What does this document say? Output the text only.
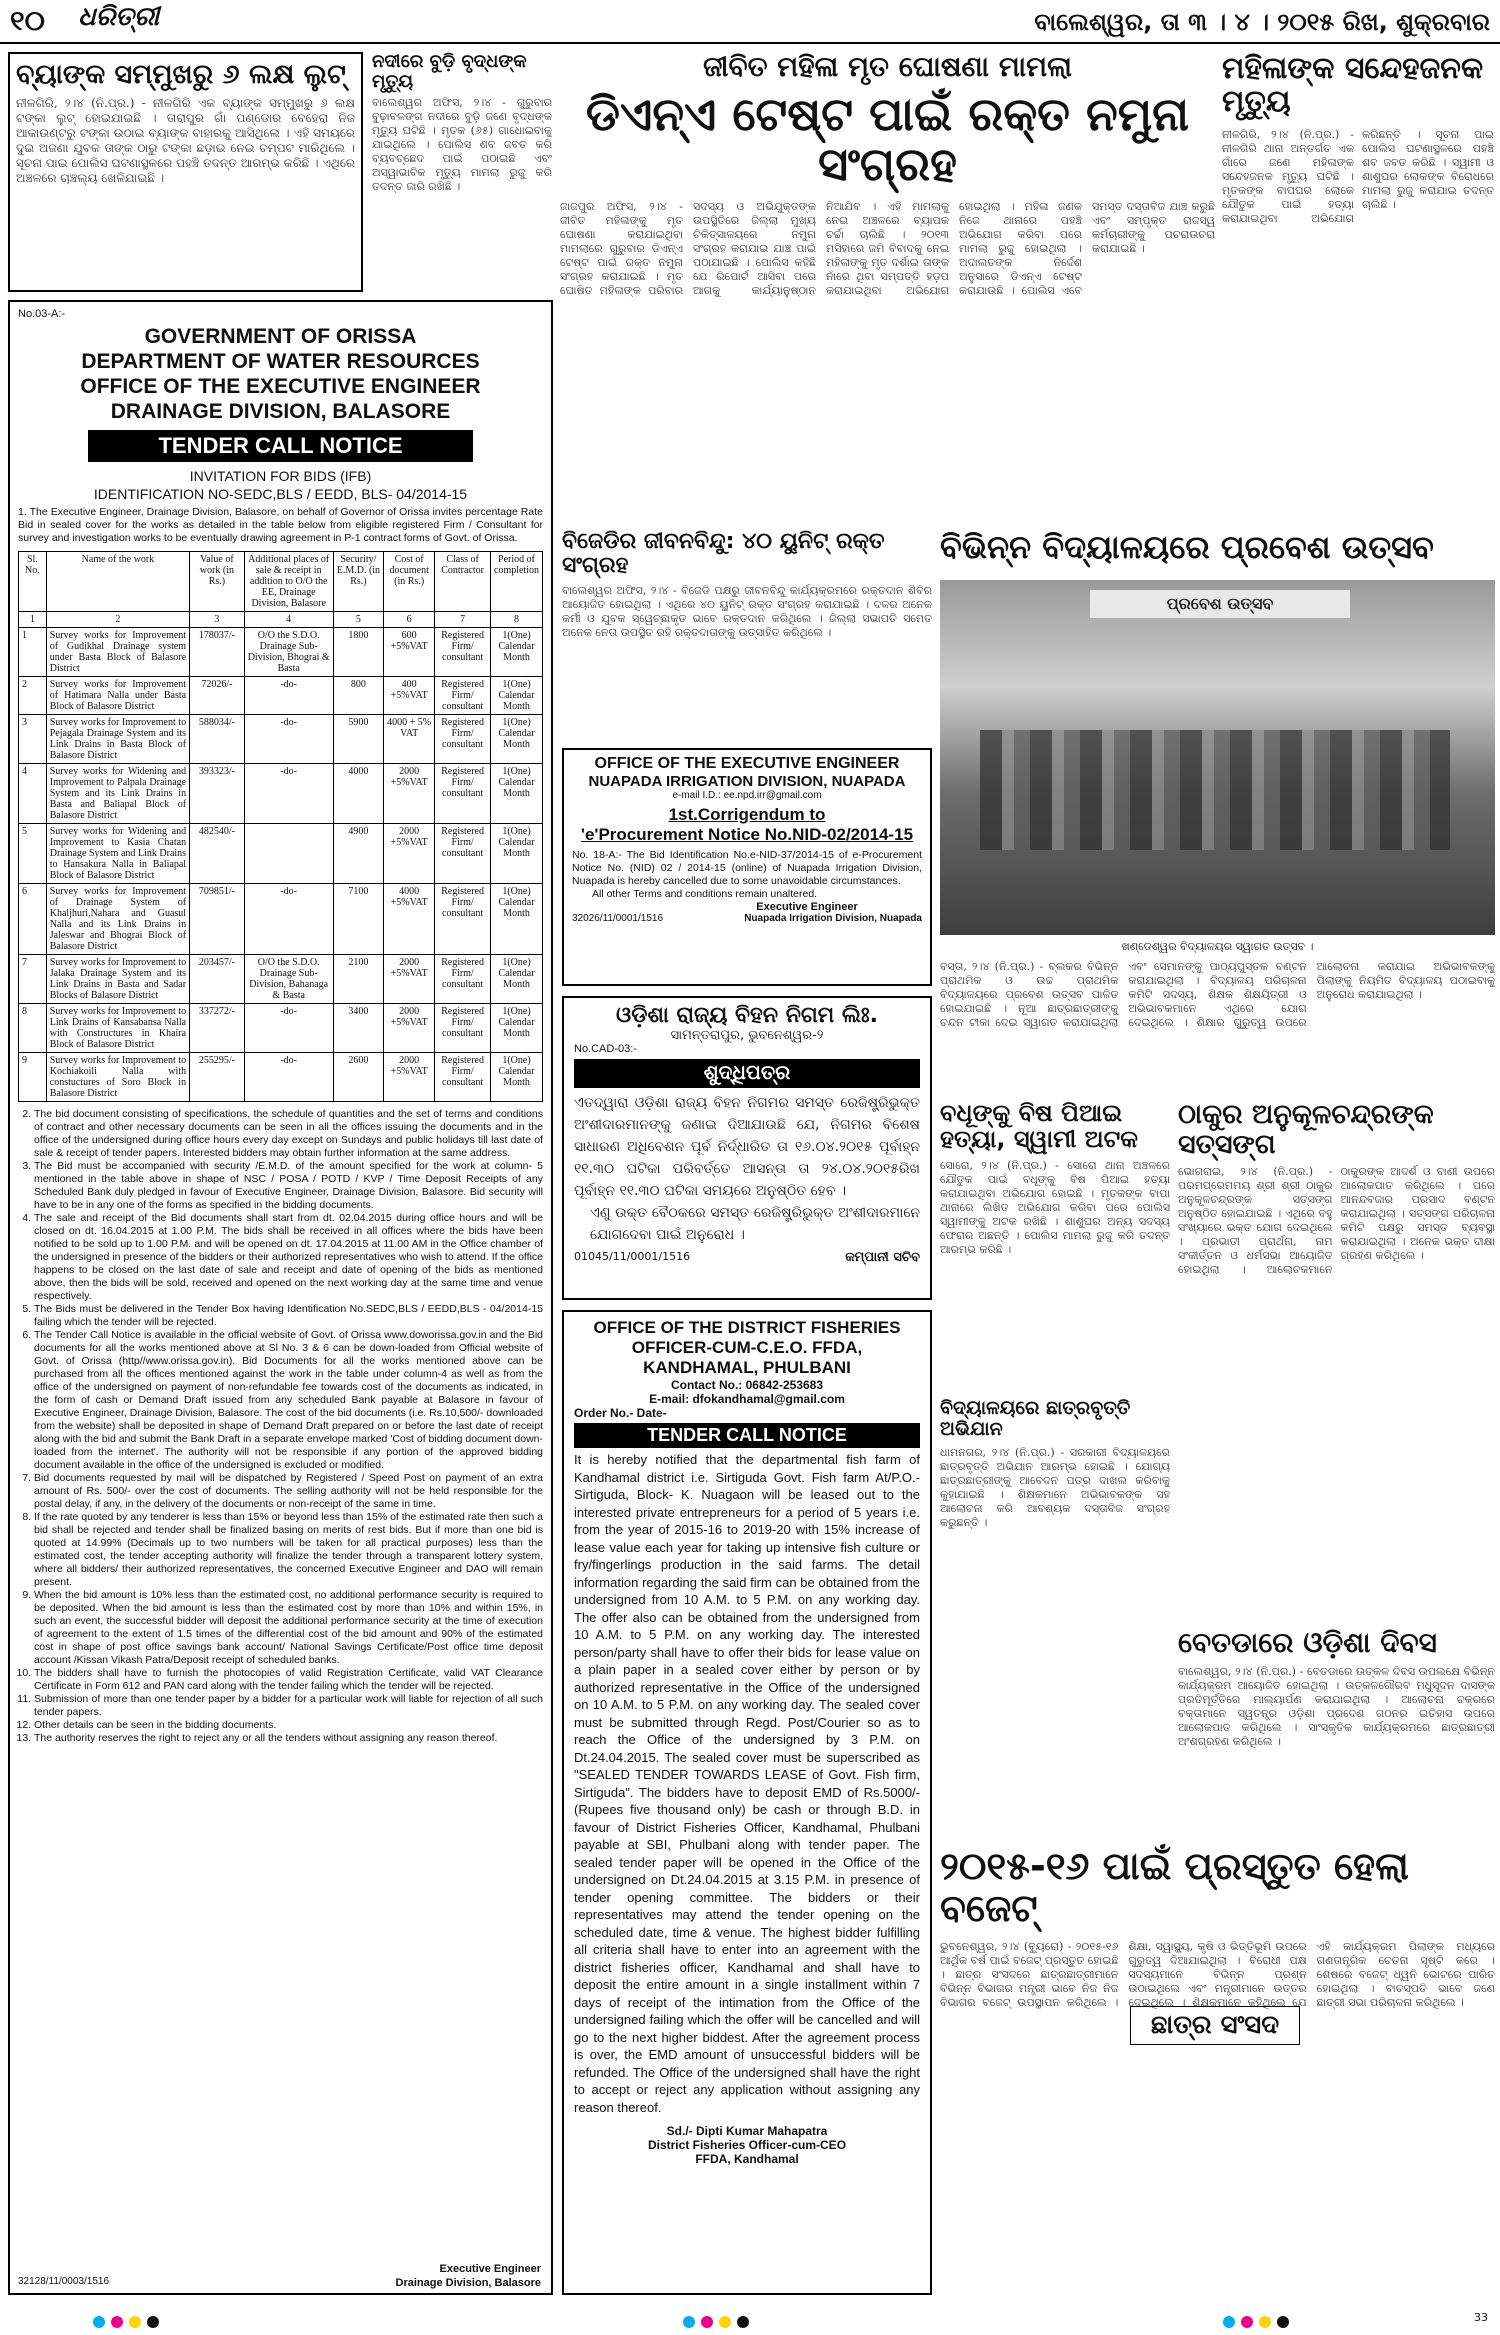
୧୦ ଧରିତ୍ରୀ	ବାଲେଶ୍ୱର, ତା ୩ । ୪ । ୨୦୧୫ ରିଖ, ଶୁକ୍ରବାର
ବ୍ୟାଙ୍କ ସମ୍ମୁଖରୁ ୬ ଲକ୍ଷ ଲୁଟ୍
ନୀଳଗିରି, ୨।୪ (ନି.ପ୍ର.) - ନୀଳଗିରି ଏକ ବ୍ୟାଙ୍କ ସମ୍ମୁଖରୁ ୬ ଲକ୍ଷ ଟଙ୍କା ଲୁଟ୍ ହୋଇଯାଇଛି । ତାରାପୁର ଗାଁ ପଣ୍ଡୋର ବେହେରା ନିଜ ଆକାଉଣ୍ଟରୁ ଟଙ୍କା ଉଠାଇ ବ୍ୟାଙ୍କ ବାହାରକୁ ଆସିଥିଲେ । ଏହି ସମୟରେ ଦୁଇ ଅଜଣା ଯୁବକ ତାଙ୍କ ଠାରୁ ଟଙ୍କା ଛଡ଼ାଇ ନେଇ ଚମ୍ପଟ ମାରିଥିଲେ । ସୂଚନା ପାଇ ପୋଲିସ ଘଟଣାସ୍ଥଳରେ ପହଞ୍ଚି ତଦନ୍ତ ଆରମ୍ଭ କରିଛି । ଏଥିରେ ଅଞ୍ଚଳରେ ଚାଞ୍ଚଲ୍ୟ ଖେଳିଯାଇଛି ।
ନଦୀରେ ବୁଡ଼ି ବୃଦ୍ଧଙ୍କ ମୃତ୍ୟୁ
ବାଲେଶ୍ୱର ଅଫିସ, ୨।୪ - ଗୁରୁବାର ବୁଢ଼ାବଳଙ୍ଗ ନଦୀରେ ବୁଡ଼ି ଜଣେ ବୃଦ୍ଧଙ୍କ ମୃତ୍ୟୁ ଘଟିଛି । ମୃତକ (୬୫) ଗାଧୋଇବାକୁ ଯାଇଥିଲେ । ପୋଲିସ ଶବ ଜବତ କରି ବ୍ୟବଚ୍ଛେଦ ପାଇଁ ପଠାଇଛି ଏବଂ ଅସ୍ୱାଭାବିକ ମୃତ୍ୟୁ ମାମଲା ରୁଜୁ କରି ତଦନ୍ତ ଜାରି ରଖିଛି ।
ଜୀବିତ ମହିଳା ମୃତ ଘୋଷଣା ମାମଲା
ଡିଏନ୍ଏ ଟେଷ୍ଟ ପାଇଁ ରକ୍ତ ନମୁନା ସଂଗ୍ରହ
ଜାଜପୁର ଅଫିସ, ୨।୪ - ଜୀବିତ ମହିଳାଙ୍କୁ ମୃତ ଘୋଷଣା କରାଯାଇଥିବା ମାମଲାରେ ଗୁରୁବାର ଡିଏନ୍ଏ ଟେଷ୍ଟ ପାଇଁ ରକ୍ତ ନମୁନା ସଂଗ୍ରହ କରାଯାଇଛି । ମୃତ ଘୋଷିତ ମହିଳାଙ୍କ ପରିବାର ସଦସ୍ୟ ଓ ଅଭିଯୁକ୍ତଙ୍କ ଉପସ୍ଥିତିରେ ଜିଲ୍ଲା ମୁଖ୍ୟ ଚିକିତ୍ସାଳୟରେ ନମୁନା ସଂଗ୍ରହ କରାଯାଇ ଯାଞ୍ଚ ପାଇଁ ପଠାଯାଇଛି । ପୋଲିସ କହିଛି ଯେ ରିପୋର୍ଟ ଆସିବା ପରେ ଆଗକୁ କାର୍ଯ୍ୟାନୁଷ୍ଠାନ ନିଆଯିବ । ଏହି ମାମଲାକୁ ନେଇ ଅଞ୍ଚଳରେ ବ୍ୟାପକ ଚର୍ଚ୍ଚା ଚାଲିଛି । ୨୦୧୩ ମସିହାରେ ଜମି ବିବାଦକୁ ନେଇ ମହିଳାଙ୍କୁ ମୃତ ଦର୍ଶାଇ ତାଙ୍କ ନାଁରେ ଥିବା ସମ୍ପତ୍ତି ହଡ଼ପ କରାଯାଇଥିବା ଅଭିଯୋଗ ହୋଇଥିଲା । ମହିଳା ଜଣକ ନିଜେ ଥାନାରେ ପହଞ୍ଚି ଅଭିଯୋଗ କରିବା ପରେ ମାମଲା ରୁଜୁ ହୋଇଥିଲା । ଅଦାଲତଙ୍କ ନିର୍ଦ୍ଦେଶ ଅନୁସାରେ ଡିଏନ୍ଏ ଟେଷ୍ଟ କରାଯାଉଛି । ପୋଲିସ ଏବେ ସମସ୍ତ ଦସ୍ତାବିଜ ଯାଞ୍ଚ କରୁଛି ଏବଂ ସମ୍ପୃକ୍ତ ରାଜସ୍ୱ କର୍ମଚାରୀଙ୍କୁ ପଚରାଉଚରା କରାଯାଇଛି ।
ମହିଳାଙ୍କ ସନ୍ଦେହଜନକ ମୃତ୍ୟୁ
ନୀଳଗିରି, ୨।୪ (ନି.ପ୍ର.) - ନୀଳଗିରି ଥାନା ଅନ୍ତର୍ଗତ ଏକ ଗାଁରେ ଜଣେ ମହିଳାଙ୍କ ସନ୍ଦେହଜନକ ମୃତ୍ୟୁ ଘଟିଛି । ମୃତକଙ୍କ ବାପଘର ଲୋକେ ଯୌତୁକ ପାଇଁ ହତ୍ୟା କରାଯାଇଥିବା ଅଭିଯୋଗ କରିଛନ୍ତି । ସୂଚନା ପାଇ ପୋଲିସ ଘଟଣାସ୍ଥଳରେ ପହଞ୍ଚି ଶବ ଜବତ କରିଛି । ସ୍ୱାମୀ ଓ ଶାଶୁଘର ଲୋକଙ୍କ ବିରୋଧରେ ମାମଲା ରୁଜୁ କରାଯାଇ ତଦନ୍ତ ଚାଲିଛି ।
No.03-A:-
GOVERNMENT OF ORISSA
DEPARTMENT OF WATER RESOURCES
OFFICE OF THE EXECUTIVE ENGINEER
DRAINAGE DIVISION, BALASORE
TENDER CALL NOTICE
INVITATION FOR BIDS (IFB)
IDENTIFICATION NO-SEDC,BLS / EEDD, BLS- 04/2014-15
1. The Executive Engineer, Drainage Division, Balasore, on behalf of Governor of Orissa invites percentage Rate Bid in sealed cover for the works as detailed in the table below from eligible registered Firm / Consultant for survey and investigation works to be eventually drawing agreement in P-1 contract forms of Govt. of Orissa.
Sl. No.	Name of the work	Value of work (in Rs.)	Additional places of sale & receipt in addition to O/O the EE, Drainage Division, Balasore	Security/ E.M.D. (in Rs.)	Cost of document (in Rs.)	Class of Contractor	Period of completion
1	2	3	4	5	6	7	8
1	Survey works for Improvement of Gudikhal Drainage system under Basta Block of Balasore District	178037/-	O/O the S.D.O. Drainage Sub- Division, Bhograi & Basta	1800	600 +5%VAT	Registered Firm/ consultant	1(One) Calendar Month
2	Survey works for Improvement of Hatimara Nalla under Basta Block of Balasore District	72026/-	-do-	800	400 +5%VAT	Registered Firm/ consultant	1(One) Calendar Month
3	Survey works for Improvement to Pejagala Drainage System and its Link Drains in Basta Block of Balasore District	588034/-	-do-	5900	4000 + 5% VAT	Registered Firm/ consultant	1(One) Calendar Month
4	Survey works for Widening and Improvement to Palpala Drainage System and its Link Drains in Basta and Baliapal Block of Balasore District	393323/-	-do-	4000	2000 +5%VAT	Registered Firm/ consultant	1(One) Calendar Month
5	Survey works for Widening and Improvement to Kasia Chatan Drainage System and Link Drains to Hansakura Nalla in Baliapal Block of Balasore District	482540/-		4900	2000 +5%VAT	Registered Firm/ consultant	1(One) Calendar Month
6	Survey works for Improvement of Drainage System of Khaljhuri,Nahara and Guasul Nalla and its Link Drains in Jaleswar and Bhograi Block of Balasore District	709851/-	-do-	7100	4000 +5%VAT	Registered Firm/ consultant	1(One) Calendar Month
7	Survey works for Improvement to Jalaka Drainage System and its Link Drains in Basta and Sadar Blocks of Balasore District	203457/-	O/O the S.D.O. Drainage Sub- Division, Bahanaga & Basta	2100	2000 +5%VAT	Registered Firm/ consultant	1(One) Calendar Month
8	Survey works for Improvement to Link Drains of Kansabansa Nalla with Constructures in Khaira Block of Balasore District	337272/-	-do-	3400	2000 +5%VAT	Registered Firm/ consultant	1(One) Calendar Month
9	Survey works for Improvement to Kochiakoili Nalla with constuctures of Soro Block in Balasore District	255295/-	-do-	2600	2000 +5%VAT	Registered Firm/ consultant	1(One) Calendar Month
2. The bid document consisting of specifications, the schedule of quantities and the set of terms and conditions of contract and other necessary documents can be seen in all the offices issuing the documents and in the office of the undersigned during office hours every day except on Sundays and public holidays till last date of sale & receipt of tender papers. Interested bidders may obtain further information at the same address.
3. The Bid must be accompanied with security /E.M.D. of the amount specified for the work at column- 5 mentioned in the table above in shape of NSC / POSA / POTD / KVP / Time Deposit Receipts of any Scheduled Bank duly pledged in favour of Executive Engineer, Drainage Division, Balasore. Bid security will have to be in any one of the forms as specified in the bidding documents.
4. The sale and receipt of the Bid documents shall start from dt. 02.04.2015 during office hours and will be closed on dt. 16.04.2015 at 1.00 P.M. The bids shall be received in all offices where the bids have been notified to be sold up to 1.00 P.M. and will be opened on dt. 17.04.2015 at 11.00 AM in the Office chamber of the undersigned in presence of the bidders or their authorized representatives who wish to attend. If the office happens to be closed on the last date of sale and receipt and date of opening of the bids as mentioned above, then the bids will be sold, received and opened on the next working day at the same time and venue respectively.
5. The Bids must be delivered in the Tender Box having Identification No.SEDC,BLS / EEDD,BLS - 04/2014-15 failing which the tender will be rejected.
6. The Tender Call Notice is available in the official website of Govt. of Orissa www.doworissa.gov.in and the Bid documents for all the works mentioned above at Sl No. 3 & 6 can be down-loaded from Official website of Govt. of Orissa (http//www.orissa.gov.in). Bid Documents for all the works mentioned above can be purchased from all the offices mentioned against the work in the table under column-4 as well as from the office of the undersigned on payment of non-refundable fee towards cost of the documents as indicated, in the form of cash or Demand Draft issued from any scheduled Bank payable at Balasore in favour of Executive Engineer, Drainage Division, Balasore. The cost of the bid documents (i.e. Rs.10,500/- downloaded from the website) shall be deposited in shape of Demand Draft prepared on or before the last date of receipt along with the bid and submit the Bank Draft in a separate envelope marked 'Cost of bidding document down-loaded from the internet'. The authority will not be responsible if any portion of the approved bidding document available in the office of the undersigned is excluded or modified.
7. Bid documents requested by mail will be dispatched by Registered / Speed Post on payment of an extra amount of Rs. 500/- over the cost of documents. The selling authority will not be held responsible for the postal delay, if any, in the delivery of the documents or non-receipt of the same in time.
8. If the rate quoted by any tenderer is less than 15% or beyond less than 15% of the estimated rate then such a bid shall be rejected and tender shall be finalized basing on merits of rest bids. But if more than one bid is quoted at 14.99% (Decimals up to two numbers will be taken for all practical purposes) less than the estimated cost, the tender accepting authority will finalize the tender through a transparent lottery system, where all bidders/ their authorized representatives, the concerned Executive Engineer and DAO will remain present.
9. When the bid amount is 10% less than the estimated cost, no additional performance security is required to be deposited. When the bid amount is less than the estimated cost by more than 10% and within 15%, in such an event, the successful bidder will deposit the additional performance security at the time of execution of agreement to the extent of 1.5 times of the differential cost of the bid amount and 90% of the estimated cost in shape of post office savings bank account/ National Savings Certificate/Post office time deposit account /Kissan Vikash Patra/Deposit receipt of scheduled banks.
10. The bidders shall have to furnish the photocopies of valid Registration Certificate, valid VAT Clearance Certificate in Form 612 and PAN card along with the tender failing which the tender will be rejected.
11. Submission of more than one tender paper by a bidder for a particular work will liable for rejection of all such tender papers.
12. Other details can be seen in the bidding documents.
13. The authority reserves the right to reject any or all the tenders without assigning any reason thereof.
32128/11/0003/1516
Executive Engineer
Drainage Division, Balasore
ବିଜେଡିର ଜୀବନବିନ୍ଦୁ: ୪୦ ୟୁନିଟ୍ ରକ୍ତ ସଂଗ୍ରହ
ବାଲେଶ୍ୱର ଅଫିସ, ୨।୪ - ବିଜେଡି ପକ୍ଷରୁ ଜୀବନବିନ୍ଦୁ କାର୍ଯ୍ୟକ୍ରମରେ ରକ୍ତଦାନ ଶିବିର ଆୟୋଜିତ ହୋଇଥିଲା । ଏଥିରେ ୪୦ ୟୁନିଟ୍ ରକ୍ତ ସଂଗ୍ରହ କରାଯାଇଛି । ଦଳର ଅନେକ କର୍ମୀ ଓ ଯୁବକ ସ୍ୱେଚ୍ଛାକୃତ ଭାବେ ରକ୍ତଦାନ କରିଥିଲେ । ଜିଲ୍ଲା ସଭାପତି ସମେତ ଅନେକ ନେତା ଉପସ୍ଥିତ ରହି ରକ୍ତଦାତାଙ୍କୁ ଉତ୍ସାହିତ କରିଥିଲେ ।
OFFICE OF THE EXECUTIVE ENGINEER
NUAPADA IRRIGATION DIVISION, NUAPADA
e-mail I.D.: ee.npd.irr@gmail.com
1st.Corrigendum to
'e'Procurement Notice No.NID-02/2014-15
No. 18-A:- The Bid Identification No.e-NID-37/2014-15 of e-Procurement Notice No. (NID) 02 / 2014-15 (online) of Nuapada Irrigation Division, Nuapada is hereby cancelled due to some unavoidable circumstances.
All other Terms and conditions remain unaltered.
Executive Engineer
32026/11/0001/1516	Nuapada Irrigation Division, Nuapada
ଓଡ଼ିଶା ରାଜ୍ୟ ବିହନ ନିଗମ ଲିଃ.
ସାମନ୍ତରାପୁର, ଭୁବନେଶ୍ୱର-୨
No.CAD-03:-
ଶୁଦ୍ଧିପତ୍ର
ଏତଦ୍ୱାରା ଓଡ଼ିଶା ରାଜ୍ୟ ବିହନ ନିଗମର ସମସ୍ତ ରେଜିଷ୍ଟ୍ରିଭୁକ୍ତ ଅଂଶୀଦାରମାନଙ୍କୁ ଜଣାଇ ଦିଆଯାଉଛି ଯେ, ନିଗମର ବିଶେଷ ସାଧାରଣ ଅଧିବେଶନ ପୂର୍ବ ନିର୍ଦ୍ଧାରିତ ତା ୧୬.୦୪.୨୦୧୫ ପୂର୍ବାହ୍ନ ୧୧.୩୦ ଘଟିକା ପରିବର୍ତ୍ତେ ଆସନ୍ତା ତା ୨୪.୦୪.୨୦୧୫ରିଖ ପୂର୍ବାହ୍ନ ୧୧.୩୦ ଘଟିକା ସମୟରେ ଅନୁଷ୍ଠିତ ହେବ ।
ଏଣୁ ଉକ୍ତ ବୈଠକରେ ସମସ୍ତ ରେଜିଷ୍ଟ୍ରିଭୁକ୍ତ ଅଂଶୀଦାରମାନେ ଯୋଗଦେବା ପାଇଁ ଅନୁରୋଧ ।
01045/11/0001/1516	କମ୍ପାନୀ ସଚିବ
OFFICE OF THE DISTRICT FISHERIES OFFICER-CUM-C.E.O. FFDA, KANDHAMAL, PHULBANI
Contact No.: 06842-253683
E-mail: dfokandhamal@gmail.com
Order No.- Date-
TENDER CALL NOTICE
It is hereby notified that the departmental fish farm of Kandhamal district i.e. Sirtiguda Govt. Fish farm At/P.O.- Sirtiguda, Block- K. Nuagaon will be leased out to the interested private entrepreneurs for a period of 5 years i.e. from the year of 2015-16 to 2019-20 with 15% increase of lease value each year for taking up intensive fish culture or fry/fingerlings production in the said farms. The detail information regarding the said firm can be obtained from the undersigned from 10 A.M. to 5 P.M. on any working day. The offer also can be obtained from the undersigned from 10 A.M. to 5 P.M. on any working day. The interested person/party shall have to offer their bids for lease value on a plain paper in a sealed cover either by person or by authorized representative in the Office of the undersigned on 10 A.M. to 5 P.M. on any working day. The sealed cover must be submitted through Regd. Post/Courier so as to reach the Office of the undersigned by 3 P.M. on Dt.24.04.2015. The sealed cover must be superscribed as "SEALED TENDER TOWARDS LEASE of Govt. Fish firm, Sirtiguda". The bidders have to deposit EMD of Rs.5000/- (Rupees five thousand only) be cash or through B.D. in favour of District Fisheries Officer, Kandhamal, Phulbani payable at SBI, Phulbani along with tender paper. The sealed tender paper will be opened in the Office of the undersigned on Dt.24.04.2015 at 3.15 P.M. in presence of tender opening committee. The bidders or their representatives may attend the tender opening on the scheduled date, time & venue. The highest bidder fulfilling all criteria shall have to enter into an agreement with the district fisheries officer, Kandhamal and shall have to deposit the entire amount in a single installment within 7 days of receipt of the intimation from the Office of the undersigned failing which the offer will be cancelled and will go to the next higher biddest. After the agreement process is over, the EMD amount of unsuccessful bidders will be refunded. The Office of the undersigned shall have the right to accept or reject any application without assigning any reason thereof.
Sd./- Dipti Kumar Mahapatra
District Fisheries Officer-cum-CEO
FFDA, Kandhamal
ବିଭିନ୍ନ ବିଦ୍ୟାଳୟରେ ପ୍ରବେଶ ଉତ୍ସବ
ପ୍ରବେଶ ଉତ୍ସବ
ଖଣ୍ଡେଶ୍ୱର ବିଦ୍ୟାଳୟର ସ୍ୱାଗତ ଉତ୍ସବ ।
ବସ୍ତା, ୨।୪ (ନି.ପ୍ର.) - ବ୍ଲକର ବିଭିନ୍ନ ପ୍ରାଥମିକ ଓ ଉଚ୍ଚ ପ୍ରାଥମିକ ବିଦ୍ୟାଳୟରେ ପ୍ରବେଶ ଉତ୍ସବ ପାଳିତ ହୋଇଯାଇଛି । ନୂଆ ଛାତ୍ରଛାତ୍ରୀଙ୍କୁ ଚନ୍ଦନ ଟୀକା ଦେଇ ସ୍ୱାଗତ କରାଯାଇଥିଲା ଏବଂ ସେମାନଙ୍କୁ ପାଠ୍ୟପୁସ୍ତକ ବଣ୍ଟନ କରାଯାଇଥିଲା । ବିଦ୍ୟାଳୟ ପରିଚାଳନା କମିଟି ସଦସ୍ୟ, ଶିକ୍ଷକ ଶିକ୍ଷୟିତ୍ରୀ ଓ ଅଭିଭାବକମାନେ ଏଥିରେ ଯୋଗ ଦେଇଥିଲେ । ଶିକ୍ଷାର ଗୁରୁତ୍ୱ ଉପରେ ଆଲୋଚନା କରାଯାଇ ଅଭିଭାବକଙ୍କୁ ପିଲାଙ୍କୁ ନିୟମିତ ବିଦ୍ୟାଳୟ ପଠାଇବାକୁ ଅନୁରୋଧ କରାଯାଇଥିଲା ।
ବଧୂଙ୍କୁ ବିଷ ପିଆଇ ହତ୍ୟା, ସ୍ୱାମୀ ଅଟକ
ସୋରୋ, ୨।୪ (ନି.ପ୍ର.) - ସୋରୋ ଥାନା ଅଞ୍ଚଳରେ ଯୌତୁକ ପାଇଁ ବଧୂଙ୍କୁ ବିଷ ପିଆଇ ହତ୍ୟା କରାଯାଇଥିବା ଅଭିଯୋଗ ହୋଇଛି । ମୃତକଙ୍କ ବାପା ଥାନାରେ ଲିଖିତ ଅଭିଯୋଗ କରିବା ପରେ ପୋଲିସ ସ୍ୱାମୀଙ୍କୁ ଅଟକ ରଖିଛି । ଶାଶୁଘର ଅନ୍ୟ ସଦସ୍ୟ ଫେରାର ଅଛନ୍ତି । ପୋଲିସ ମାମଲା ରୁଜୁ କରି ତଦନ୍ତ ଆରମ୍ଭ କରିଛି ।
ବିଦ୍ୟାଳୟରେ ଛାତ୍ରବୃତ୍ତି ଅଭିଯାନ
ଧାମନଗର, ୨।୪ (ନି.ପ୍ର.) - ସରକାରୀ ବିଦ୍ୟାଳୟରେ ଛାତ୍ରବୃତ୍ତି ଅଭିଯାନ ଆରମ୍ଭ ହୋଇଛି । ଯୋଗ୍ୟ ଛାତ୍ରଛାତ୍ରୀଙ୍କୁ ଆବେଦନ ପତ୍ର ଦାଖଲ କରିବାକୁ କୁହାଯାଇଛି । ଶିକ୍ଷକମାନେ ଅଭିଭାବକଙ୍କ ସହ ଆଲୋଚନା କରି ଆବଶ୍ୟକ ଦସ୍ତାବିଜ ସଂଗ୍ରହ କରୁଛନ୍ତି ।
ଠାକୁର ଅନୁକୂଳଚନ୍ଦ୍ରଙ୍କ ସତ୍ସଙ୍ଗ
ଭୋଗରାଇ, ୨।୪ (ନି.ପ୍ର.) - ପରମପ୍ରେମମୟ ଶ୍ରୀ ଶ୍ରୀ ଠାକୁର ଅନୁକୂଳଚନ୍ଦ୍ରଙ୍କ ସତ୍ସଙ୍ଗ ଅନୁଷ୍ଠିତ ହୋଇଯାଇଛି । ଏଥିରେ ବହୁ ସଂଖ୍ୟାରେ ଭକ୍ତ ଯୋଗ ଦେଇଥିଲେ । ପ୍ରଭାତୀ ପ୍ରାର୍ଥନା, ନାମ ସଂକୀର୍ତ୍ତନ ଓ ଧର୍ମସଭା ଆୟୋଜିତ ହୋଇଥିଲା । ଆଲୋଚକମାନେ ଠାକୁରଙ୍କ ଆଦର୍ଶ ଓ ବାଣୀ ଉପରେ ଆଲୋକପାତ କରିଥିଲେ । ପରେ ଆନନ୍ଦବଜାର ପ୍ରସାଦ ବଣ୍ଟନ କରାଯାଇଥିଲା । ସତ୍ସଙ୍ଗ ପରିଚାଳନା କମିଟି ପକ୍ଷରୁ ସମସ୍ତ ବ୍ୟବସ୍ଥା କରାଯାଇଥିଲା । ଅନେକ ଭକ୍ତ ଦୀକ୍ଷା ଗ୍ରହଣ କରିଥିଲେ ।
ବେତଡାରେ ଓଡ଼ିଶା ଦିବସ
ବାଲେଶ୍ୱର, ୨।୪ (ନି.ପ୍ର.) - ବେତଡାରେ ଉତ୍କଳ ଦିବସ ଉପଲକ୍ଷେ ବିଭିନ୍ନ କାର୍ଯ୍ୟକ୍ରମ ଆୟୋଜିତ ହୋଇଥିଲା । ଉତ୍କଳଗୌରବ ମଧୁସୂଦନ ଦାସଙ୍କ ପ୍ରତିମୂର୍ତ୍ତିରେ ମାଲ୍ୟାର୍ପଣ କରାଯାଇଥିଲା । ଆଲୋଚନା ଚକ୍ରରେ ବକ୍ତାମାନେ ସ୍ୱତନ୍ତ୍ର ଓଡ଼ିଶା ପ୍ରଦେଶ ଗଠନର ଇତିହାସ ଉପରେ ଆଲୋକପାତ କରିଥିଲେ । ସାଂସ୍କୃତିକ କାର୍ଯ୍ୟକ୍ରମରେ ଛାତ୍ରଛାତ୍ରୀ ଅଂଶଗ୍ରହଣ କରିଥିଲେ ।
୨୦୧୫-୧୬ ପାଇଁ ପ୍ରସ୍ତୁତ ହେଲା ବଜେଟ୍
ଛାତ୍ର ସଂସଦ
ଭୁବନେଶ୍ୱର, ୨।୪ (ବ୍ୟୁରୋ) - ୨୦୧୫-୧୬ ଆର୍ଥିକ ବର୍ଷ ପାଇଁ ବଜେଟ୍ ପ୍ରସ୍ତୁତ ହୋଇଛି । ଛାତ୍ର ସଂସଦରେ ଛାତ୍ରଛାତ୍ରୀମାନେ ବିଭିନ୍ନ ବିଭାଗର ମନ୍ତ୍ରୀ ଭାବେ ନିଜ ନିଜ ବିଭାଗର ବଜେଟ୍ ଉପସ୍ଥାପନ କରିଥିଲେ । ଶିକ୍ଷା, ସ୍ୱାସ୍ଥ୍ୟ, କୃଷି ଓ ଭିତ୍ତିଭୂମି ଉପରେ ଗୁରୁତ୍ୱ ଦିଆଯାଇଥିଲା । ବିରୋଧୀ ପକ୍ଷ ସଦସ୍ୟମାନେ ବିଭିନ୍ନ ପ୍ରଶ୍ନ ଉଠାଇଥିଲେ ଏବଂ ମନ୍ତ୍ରୀମାନେ ଉତ୍ତର ଦେଇଥିଲେ । ଶିକ୍ଷକମାନେ କହିଥିଲେ ଯେ ଏହି କାର୍ଯ୍ୟକ୍ରମ ପିଲାଙ୍କ ମଧ୍ୟରେ ଗଣତାନ୍ତ୍ରିକ ଚେତନା ସୃଷ୍ଟି କରେ । ଶେଷରେ ବଜେଟ୍ ଧ୍ୱନି ଭୋଟରେ ପାରିତ ହୋଇଥିଲା । ବାଚସ୍ପତି ଭାବେ ଜଣେ ଛାତ୍ରୀ ସଭା ପରିଚାଳନା କରିଥିଲେ ।
33
